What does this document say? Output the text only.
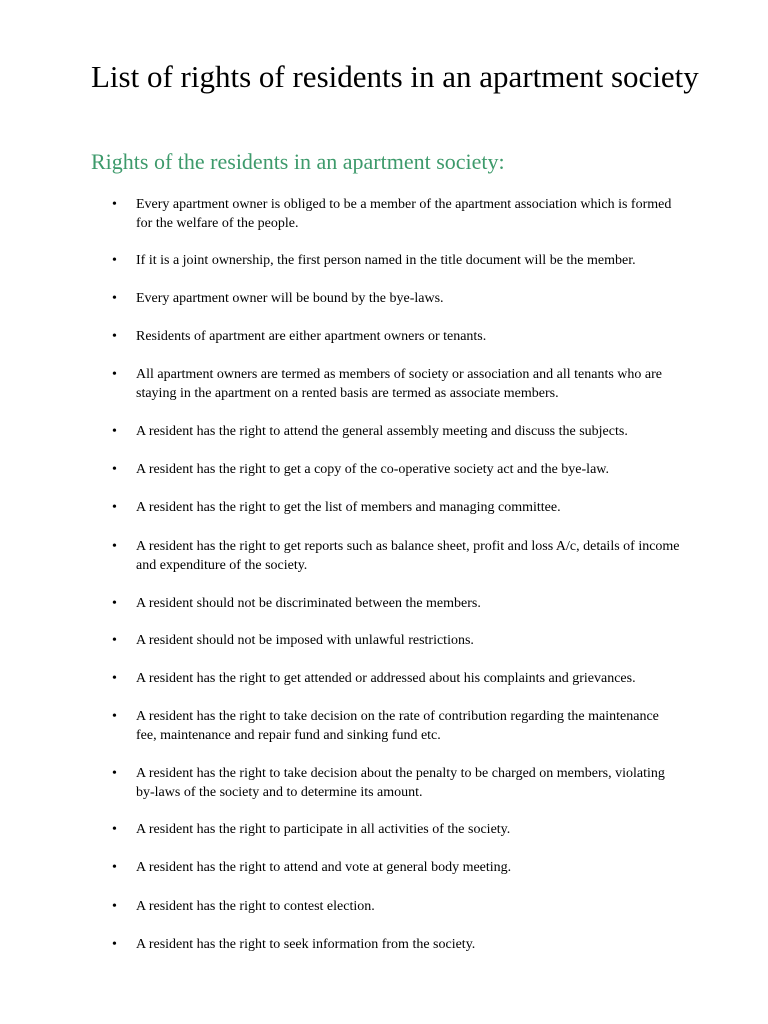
List of rights of residents in an apartment society
Rights of the residents in an apartment society:
• Every apartment owner is obliged to be a member of the apartment association which is formed for the welfare of the people.
• If it is a joint ownership, the first person named in the title document will be the member.
• Every apartment owner will be bound by the bye-laws.
• Residents of apartment are either apartment owners or tenants.
• All apartment owners are termed as members of society or association and all tenants who are staying in the apartment on a rented basis are termed as associate members.
• A resident has the right to attend the general assembly meeting and discuss the subjects.
• A resident has the right to get a copy of the co-operative society act and the bye-law.
• A resident has the right to get the list of members and managing committee.
• A resident has the right to get reports such as balance sheet, profit and loss A/c, details of income and expenditure of the society.
• A resident should not be discriminated between the members.
• A resident should not be imposed with unlawful restrictions.
• A resident has the right to get attended or addressed about his complaints and grievances.
• A resident has the right to take decision on the rate of contribution regarding the maintenance fee, maintenance and repair fund and sinking fund etc.
• A resident has the right to take decision about the penalty to be charged on members, violating by-laws of the society and to determine its amount.
• A resident has the right to participate in all activities of the society.
• A resident has the right to attend and vote at general body meeting.
• A resident has the right to contest election.
• A resident has the right to seek information from the society.
